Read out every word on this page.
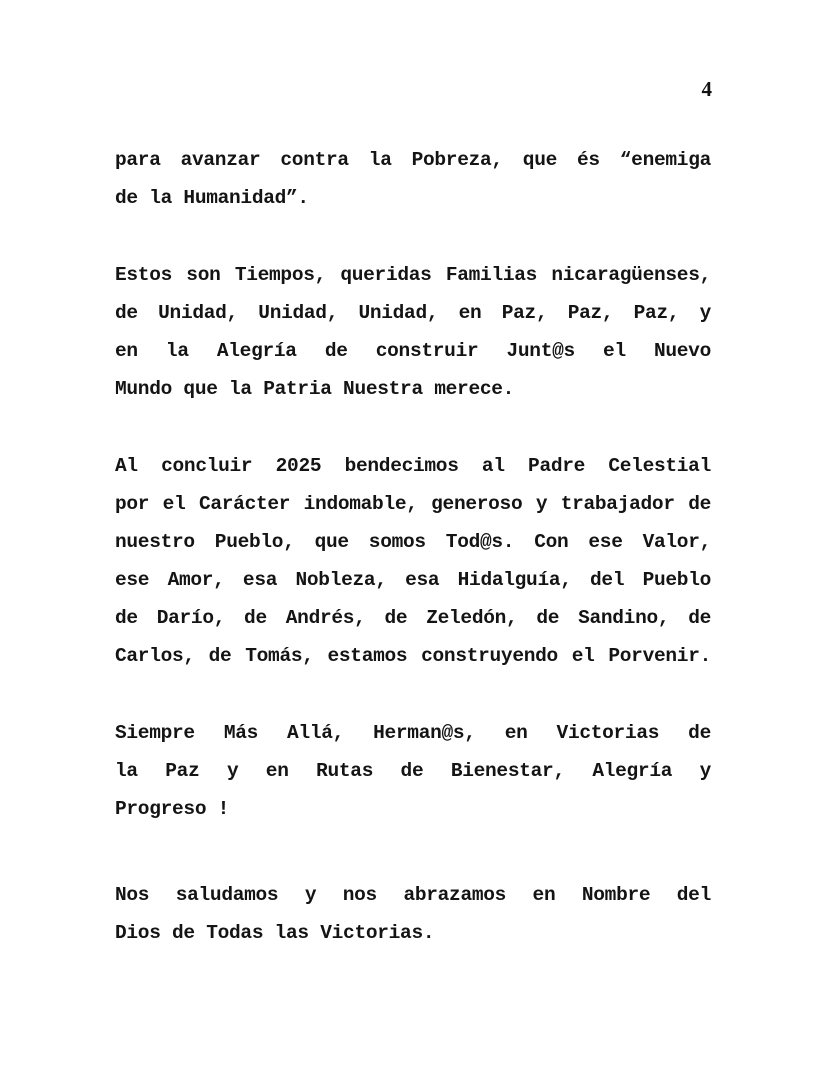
4
para avanzar contra la Pobreza, que és “enemiga
de la Humanidad”.
Estos son Tiempos, queridas Familias nicaragüenses,
de Unidad, Unidad, Unidad, en Paz, Paz, Paz, y
en la Alegría de construir Junt@s el Nuevo
Mundo que la Patria Nuestra merece.
Al concluir 2025 bendecimos al Padre Celestial
por el Carácter indomable, generoso y trabajador de
nuestro Pueblo, que somos Tod@s. Con ese Valor,
ese Amor, esa Nobleza, esa Hidalguía, del Pueblo
de Darío, de Andrés, de Zeledón, de Sandino, de
Carlos, de Tomás, estamos construyendo el Porvenir.
Siempre Más Allá, Herman@s, en Victorias de
la Paz y en Rutas de Bienestar, Alegría y
Progreso !
Nos saludamos y nos abrazamos en Nombre del
Dios de Todas las Victorias.
